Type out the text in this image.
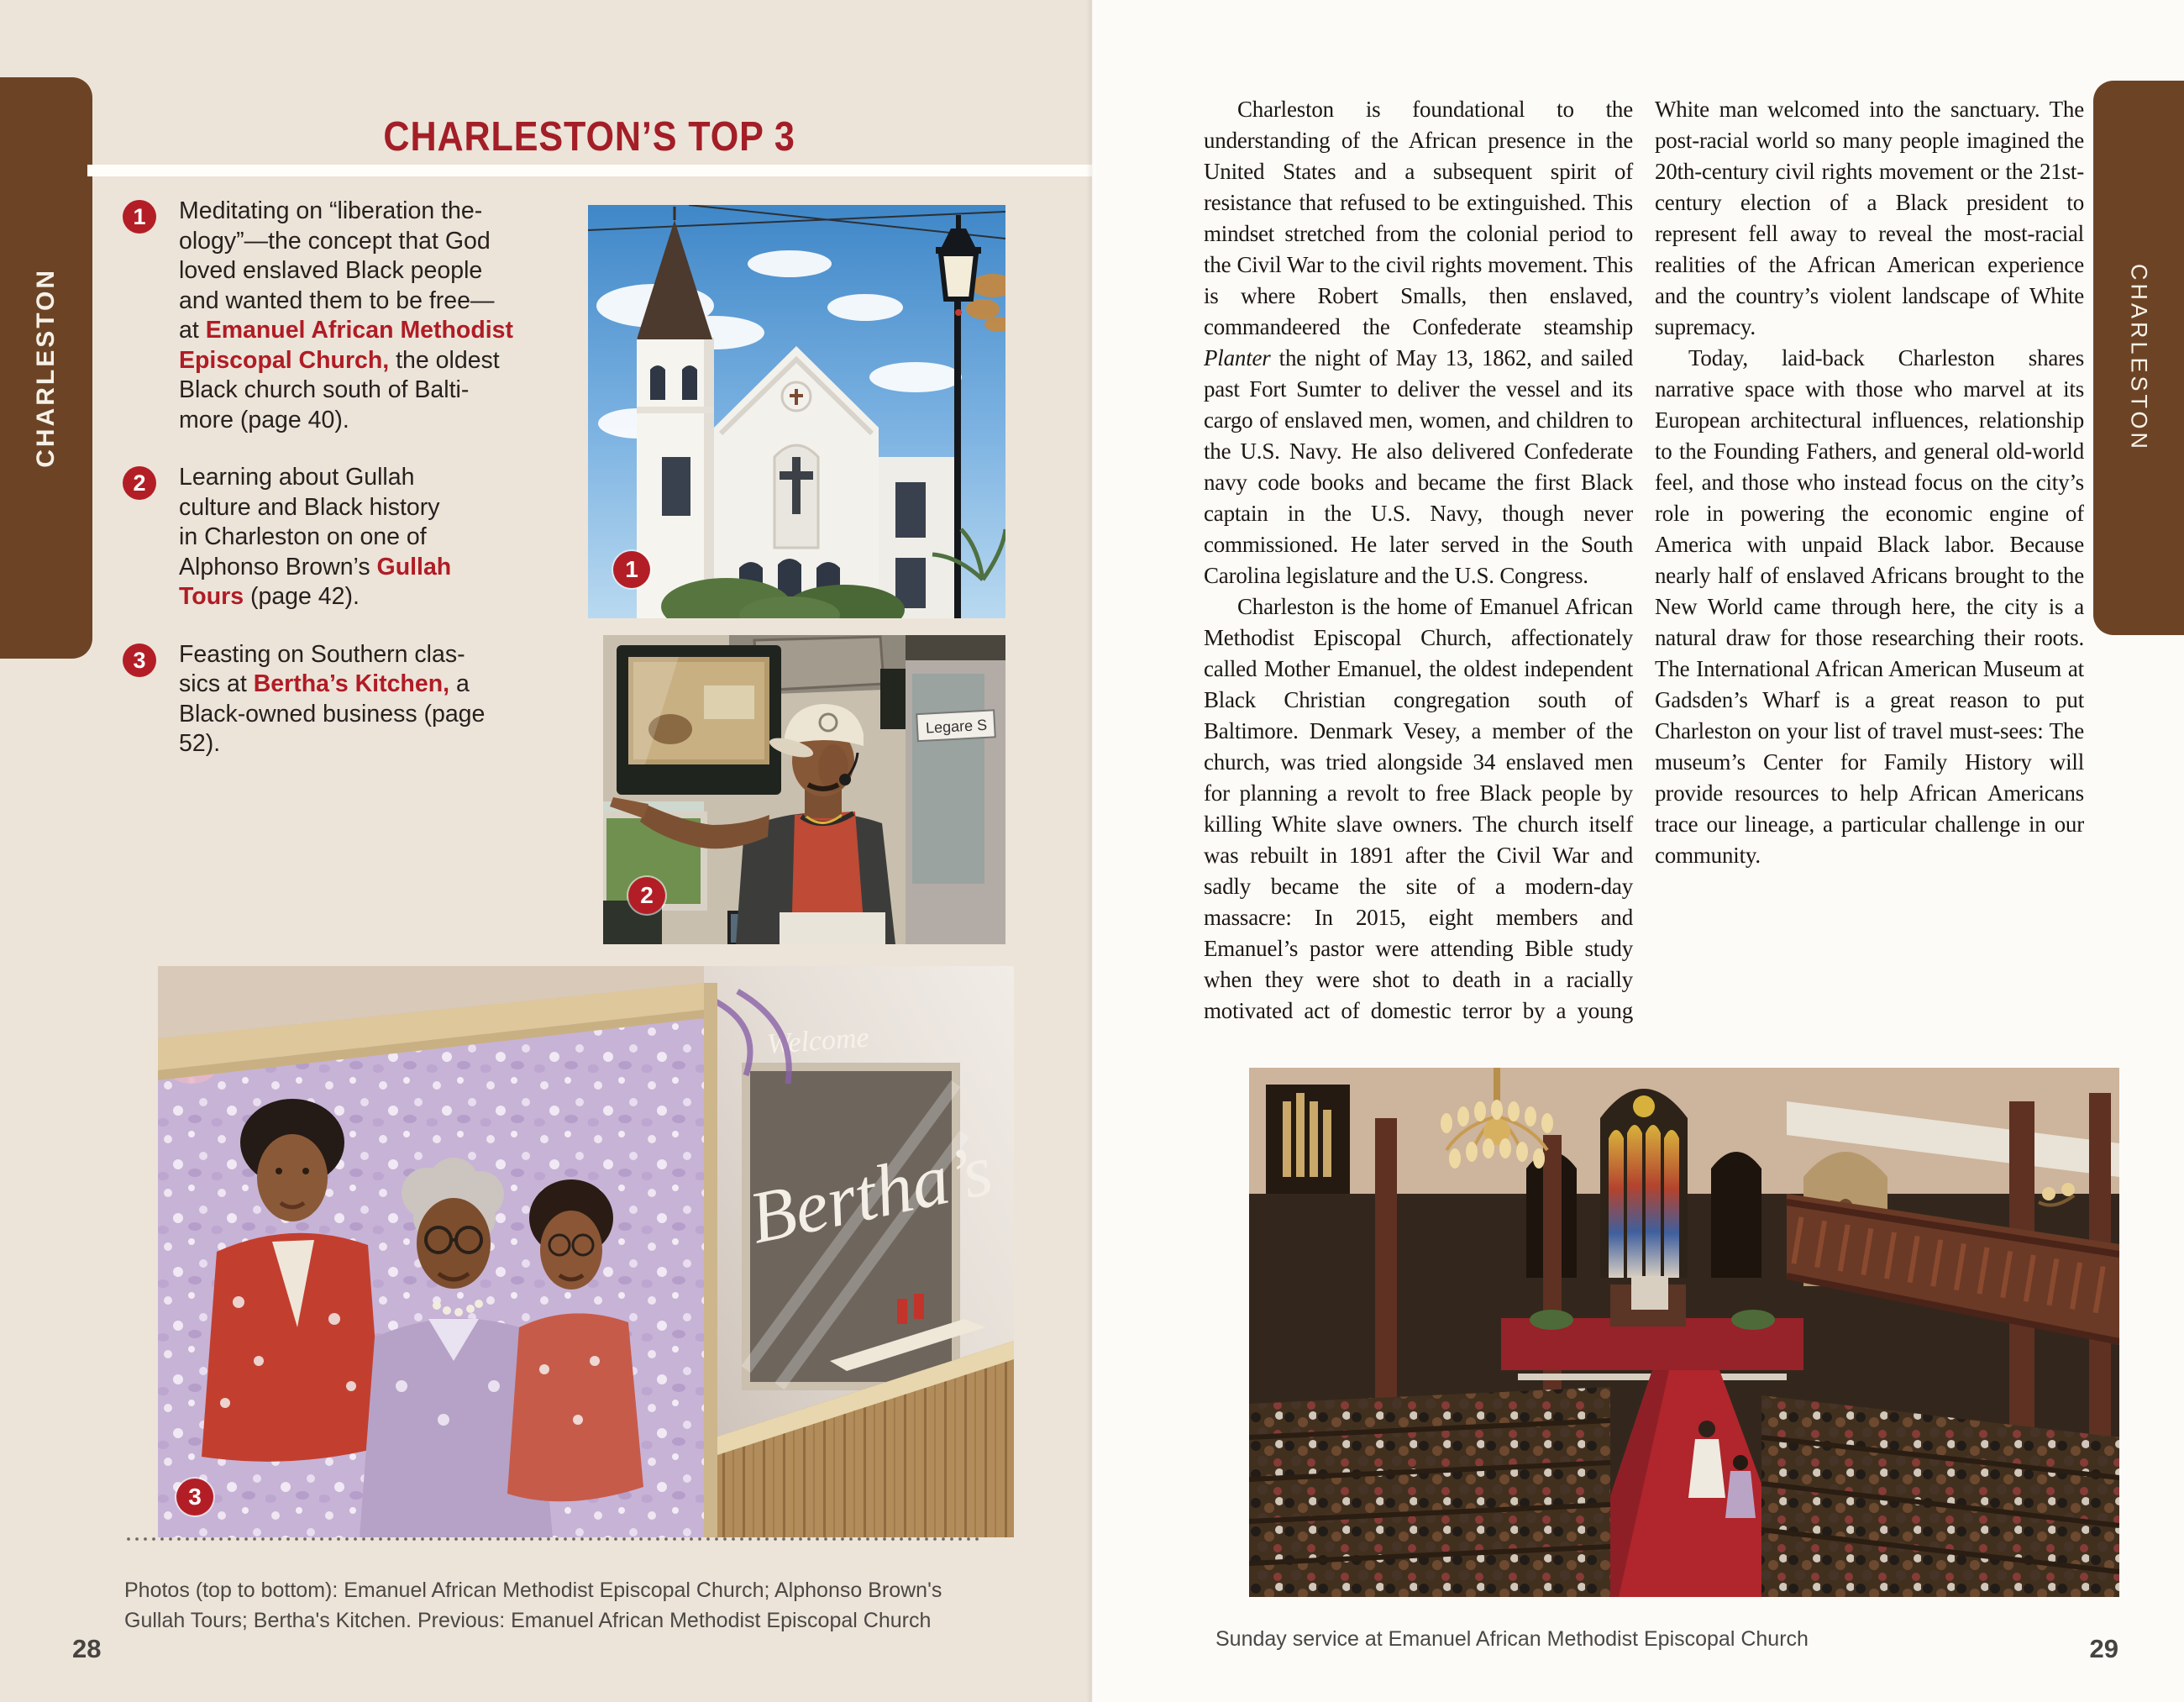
CHARLESTON
CHARLESTON’S TOP 3
1	Meditating on “liberation the-
ology”—the concept that God
loved enslaved Black people
and wanted them to be free—
at Emanuel African Methodist
Episcopal Church, the oldest
Black church south of Balti-
more (page 40).
2	Learning about Gullah
culture and Black history
in Charleston on one of
Alphonso Brown’s Gullah
Tours (page 42).
3	Feasting on Southern clas-
sics at Bertha’s Kitchen, a
Black-owned business (page
52).
1
Legare S
2
Welcome
Bertha’s
3

Photos (top to bottom): Emanuel African Methodist Episcopal Church; Alphonso Brown's Gullah Tours; Bertha's Kitchen. Previous: Emanuel African Methodist Episcopal Church

28

Charleston is foundational to the understanding of the African presence in the United States and a subsequent spirit of resistance that refused to be extinguished. This mindset stretched from the colonial period to the Civil War to the civil rights movement. This is where Robert Smalls, then enslaved, commandeered the Confederate steamship Planter the night of May 13, 1862, and sailed past Fort Sumter to deliver the vessel and its cargo of enslaved men, women, and children to the U.S. Navy. He also delivered Confederate navy code books and became the first Black captain in the U.S. Navy, though never commissioned. He later served in the South Carolina legislature and the U.S. Congress.

Charleston is the home of Emanuel African Methodist Episcopal Church, affectionately called Mother Emanuel, the oldest independent Black Christian congregation south of Baltimore. Denmark Vesey, a member of the church, was tried alongside 34 enslaved men for planning a revolt to free Black people by killing White slave owners. The church itself was rebuilt in 1891 after the Civil War and sadly became the site of a modern-day massacre: In 2015, eight members and Emanuel’s pastor were attending Bible study when they were shot to death in a racially motivated act of domestic terror by a young White man welcomed into the sanctuary. The post-racial world so many people imagined the 20th-century civil rights movement or the 21st-century election of a Black president to represent fell away to reveal the most-racial realities of the African American experience and the country’s violent landscape of White supremacy.

Today, laid-back Charleston shares narrative space with those who marvel at its European architectural influences, relationship to the Founding Fathers, and general old-world feel, and those who instead focus on the city’s role in powering the economic engine of America with unpaid Black labor. Because nearly half of enslaved Africans brought to the New World came through here, the city is a natural draw for those researching their roots. The International African American Museum at Gadsden’s Wharf is a great reason to put Charleston on your list of travel must-sees: The museum’s Center for Family History will provide resources to help African Americans trace our lineage, a particular challenge in our community.

Sunday service at Emanuel African Methodist Episcopal Church	29
CHARLESTON
